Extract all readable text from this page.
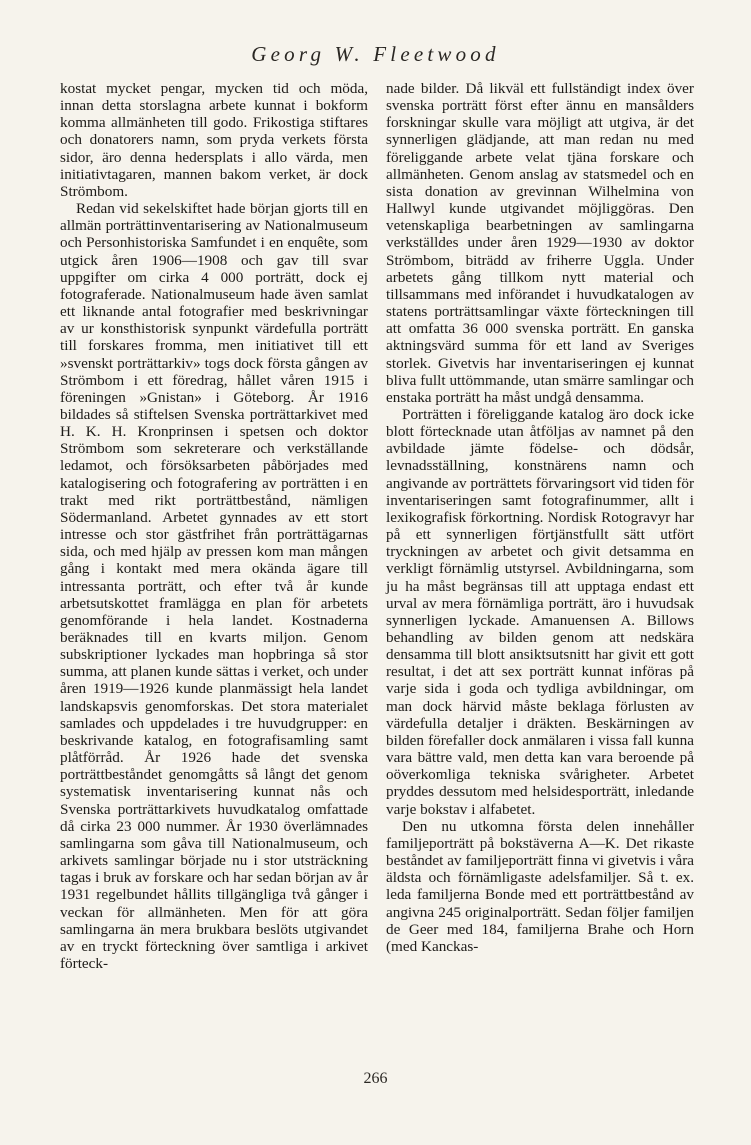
Georg W. Fleetwood

kostat mycket pengar, mycken tid och möda, innan detta storslagna arbete kunnat i bokform komma allmänheten till godo. Frikostiga stiftares och donatorers namn, som pryda verkets första sidor, äro denna hedersplats i allo värda, men initiativtagaren, mannen bakom verket, är dock Strömbom.

Redan vid sekelskiftet hade början gjorts till en allmän porträttinventarisering av Nationalmuseum och Personhistoriska Samfundet i en enquête, som utgick åren 1906—1908 och gav till svar uppgifter om cirka 4 000 porträtt, dock ej fotograferade. Nationalmuseum hade även samlat ett liknande antal fotografier med beskrivningar av ur konsthistorisk synpunkt värdefulla porträtt till forskares fromma, men initiativet till ett »svenskt porträttarkiv» togs dock första gången av Strömbom i ett föredrag, hållet våren 1915 i föreningen »Gnistan» i Göteborg. År 1916 bildades så stiftelsen Svenska porträttarkivet med H. K. H. Kronprinsen i spetsen och doktor Strömbom som sekreterare och verkställande ledamot, och försöksarbeten påbörjades med katalogisering och fotografering av porträtten i en trakt med rikt porträttbestånd, nämligen Södermanland. Arbetet gynnades av ett stort intresse och stor gästfrihet från porträttägarnas sida, och med hjälp av pressen kom man mången gång i kontakt med mera okända ägare till intressanta porträtt, och efter två år kunde arbetsutskottet framlägga en plan för arbetets genomförande i hela landet. Kostnaderna beräknades till en kvarts miljon. Genom subskriptioner lyckades man hopbringa så stor summa, att planen kunde sättas i verket, och under åren 1919—1926 kunde planmässigt hela landet landskapsvis genomforskas. Det stora materialet samlades och uppdelades i tre huvudgrupper: en beskrivande katalog, en fotografisamling samt plåtförråd. År 1926 hade det svenska porträttbeståndet genomgåtts så långt det genom systematisk inventarisering kunnat nås och Svenska porträttarkivets huvudkatalog omfattade då cirka 23 000 nummer. År 1930 överlämnades samlingarna som gåva till Nationalmuseum, och arkivets samlingar började nu i stor utsträckning tagas i bruk av forskare och har sedan början av år 1931 regelbundet hållits tillgängliga två gånger i veckan för allmänheten. Men för att göra samlingarna än mera brukbara beslöts utgivandet av en tryckt förteckning över samtliga i arkivet förteck-

nade bilder. Då likväl ett fullständigt index över svenska porträtt först efter ännu en mansålders forskningar skulle vara möjligt att utgiva, är det synnerligen glädjande, att man redan nu med föreliggande arbete velat tjäna forskare och allmänheten. Genom anslag av statsmedel och en sista donation av grevinnan Wilhelmina von Hallwyl kunde utgivandet möjliggöras. Den vetenskapliga bearbetningen av samlingarna verkställdes under åren 1929—1930 av doktor Strömbom, biträdd av friherre Uggla. Under arbetets gång tillkom nytt material och tillsammans med införandet i huvudkatalogen av statens porträttsamlingar växte förteckningen till att omfatta 36 000 svenska porträtt. En ganska aktningsvärd summa för ett land av Sveriges storlek. Givetvis har inventariseringen ej kunnat bliva fullt uttömmande, utan smärre samlingar och enstaka porträtt ha måst undgå densamma.

Porträtten i föreliggande katalog äro dock icke blott förtecknade utan åtföljas av namnet på den avbildade jämte födelse- och dödsår, levnadsställning, konstnärens namn och angivande av porträttets förvaringsort vid tiden för inventariseringen samt fotografinummer, allt i lexikografisk förkortning. Nordisk Rotogravyr har på ett synnerligen förtjänstfullt sätt utfört tryckningen av arbetet och givit detsamma en verkligt förnämlig utstyrsel. Avbildningarna, som ju ha måst begränsas till att upptaga endast ett urval av mera förnämliga porträtt, äro i huvudsak synnerligen lyckade. Amanuensen A. Billows behandling av bilden genom att nedskära densamma till blott ansiktsutsnitt har givit ett gott resultat, i det att sex porträtt kunnat införas på varje sida i goda och tydliga avbildningar, om man dock härvid måste beklaga förlusten av värdefulla detaljer i dräkten. Beskärningen av bilden förefaller dock anmälaren i vissa fall kunna vara bättre vald, men detta kan vara beroende på oöverkomliga tekniska svårigheter. Arbetet pryddes dessutom med helsidesporträtt, inledande varje bokstav i alfabetet.

Den nu utkomna första delen innehåller familjeporträtt på bokstäverna A—K. Det rikaste beståndet av familjeporträtt finna vi givetvis i våra äldsta och förnämligaste adelsfamiljer. Så t. ex. leda familjerna Bonde med ett porträttbestånd av angivna 245 originalporträtt. Sedan följer familjen de Geer med 184, familjerna Brahe och Horn (med Kanckas-

266
